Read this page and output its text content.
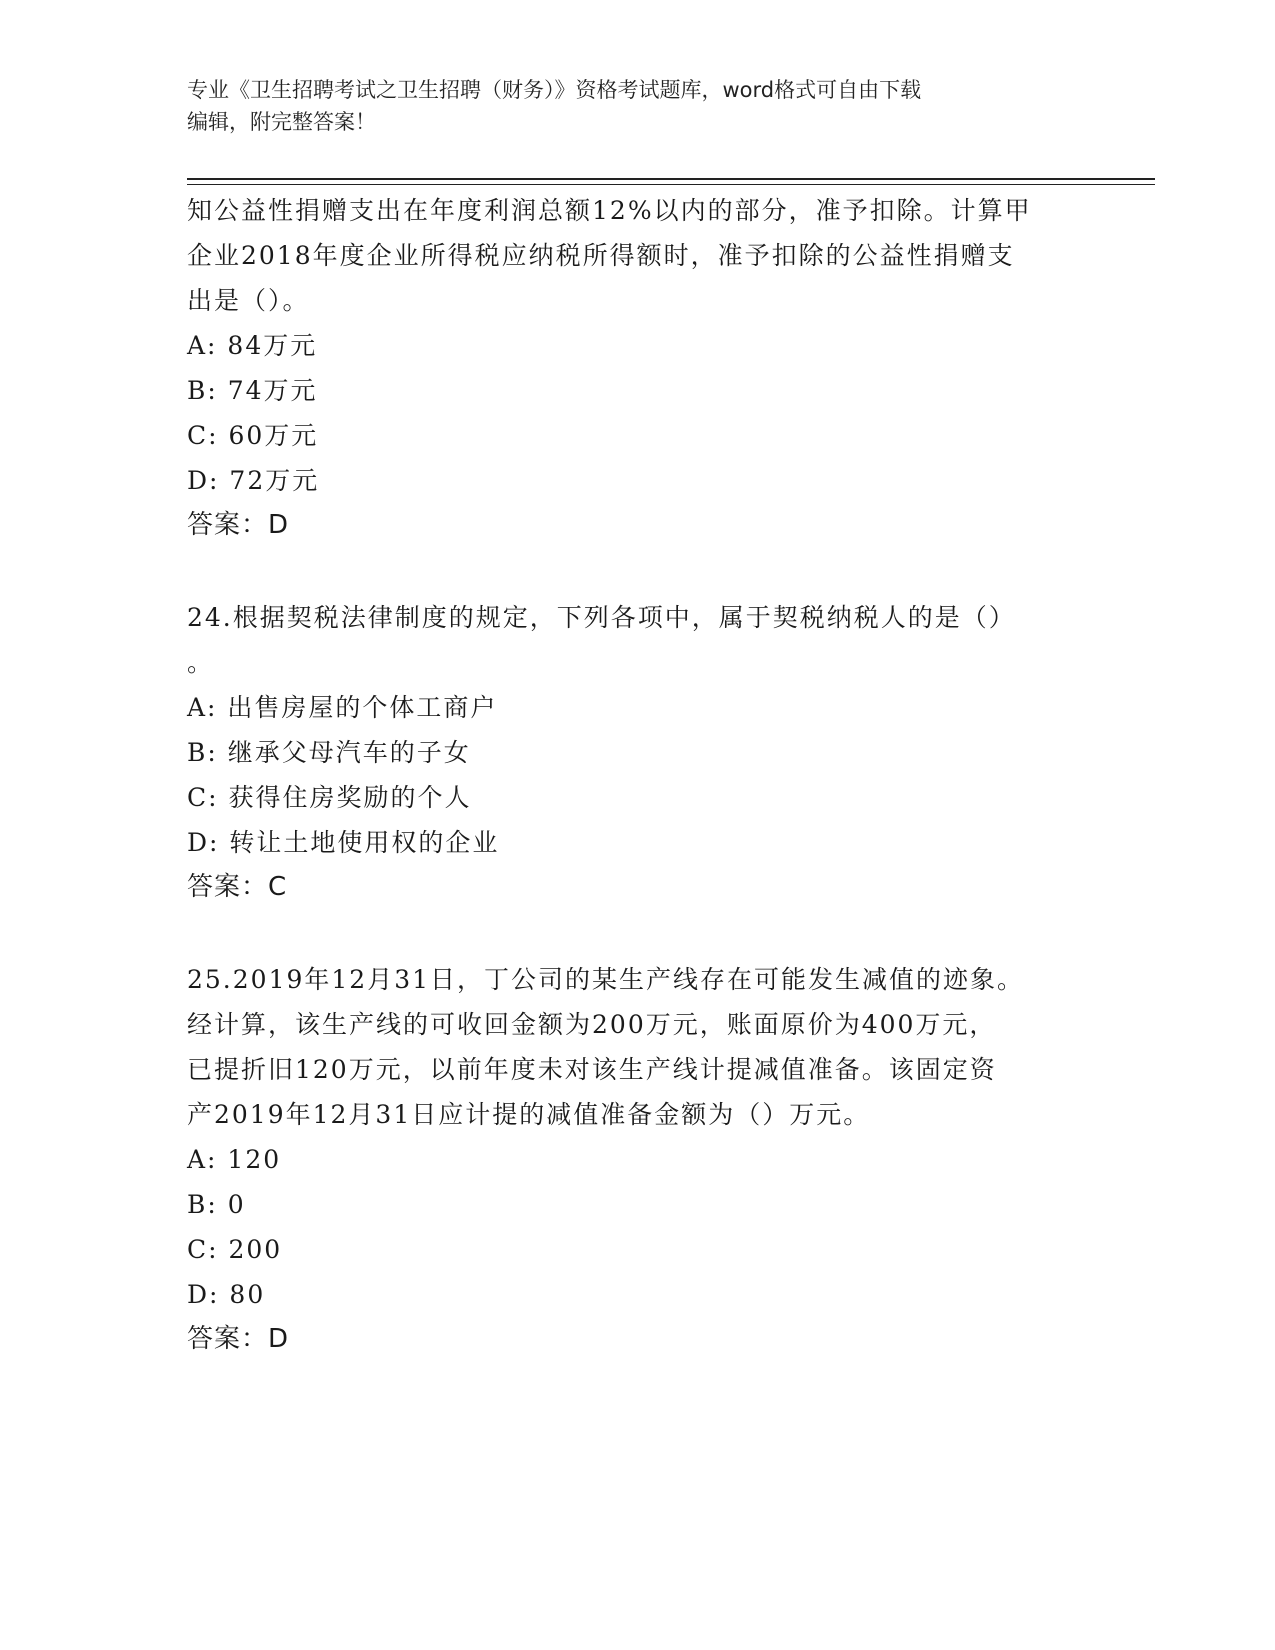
专业《卫生招聘考试之卫生招聘（财务）》资格考试题库，word格式可自由下载
编辑，附完整答案！
知公益性捐赠支出在年度利润总额12%以内的部分，准予扣除。计算甲
企业2018年度企业所得税应纳税所得额时，准予扣除的公益性捐赠支
出是（）。
A: 84万元
B: 74万元
C: 60万元
D: 72万元
答案：D
24.根据契税法律制度的规定，下列各项中，属于契税纳税人的是（）
。
A: 出售房屋的个体工商户
B: 继承父母汽车的子女
C: 获得住房奖励的个人
D: 转让土地使用权的企业
答案：C
25.2019年12月31日，丁公司的某生产线存在可能发生减值的迹象。
经计算，该生产线的可收回金额为200万元，账面原价为400万元，
已提折旧120万元，以前年度未对该生产线计提减值准备。该固定资
产2019年12月31日应计提的减值准备金额为（）万元。
A: 120
B: 0
C: 200
D: 80
答案：D
